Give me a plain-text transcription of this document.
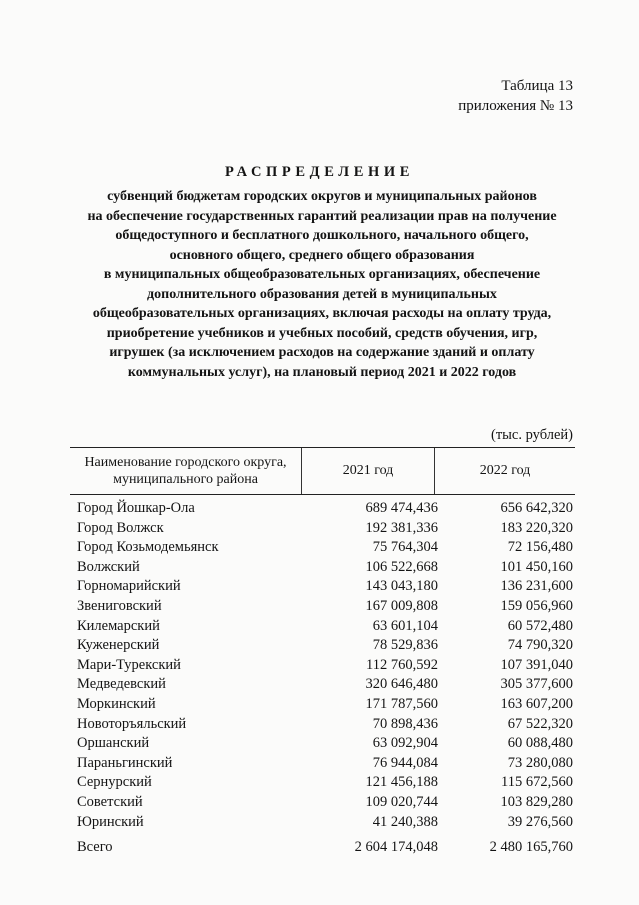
Таблица 13
приложения № 13
РАСПРЕДЕЛЕНИЕ
субвенций бюджетам городских округов и муниципальных районов
на обеспечение государственных гарантий реализации прав на получение
общедоступного и бесплатного дошкольного, начального общего,
основного общего, среднего общего образования
в муниципальных общеобразовательных организациях, обеспечение
дополнительного образования детей в муниципальных
общеобразовательных организациях, включая расходы на оплату труда,
приобретение учебников и учебных пособий, средств обучения, игр,
игрушек (за исключением расходов на содержание зданий и оплату
коммунальных услуг), на плановый период 2021 и 2022 годов
(тыс. рублей)
Наименование городского округа,
муниципального района
2021 год	2022 год
Город Йошкар-Ола	689 474,436	656 642,320
Город Волжск	192 381,336	183 220,320
Город Козьмодемьянск	75 764,304	72 156,480
Волжский	106 522,668	101 450,160
Горномарийский	143 043,180	136 231,600
Звениговский	167 009,808	159 056,960
Килемарский	63 601,104	60 572,480
Куженерский	78 529,836	74 790,320
Мари-Турекский	112 760,592	107 391,040
Медведевский	320 646,480	305 377,600
Моркинский	171 787,560	163 607,200
Новоторъяльский	70 898,436	67 522,320
Оршанский	63 092,904	60 088,480
Параньгинский	76 944,084	73 280,080
Сернурский	121 456,188	115 672,560
Советский	109 020,744	103 829,280
Юринский	41 240,388	39 276,560
Всего	2 604 174,048	2 480 165,760
